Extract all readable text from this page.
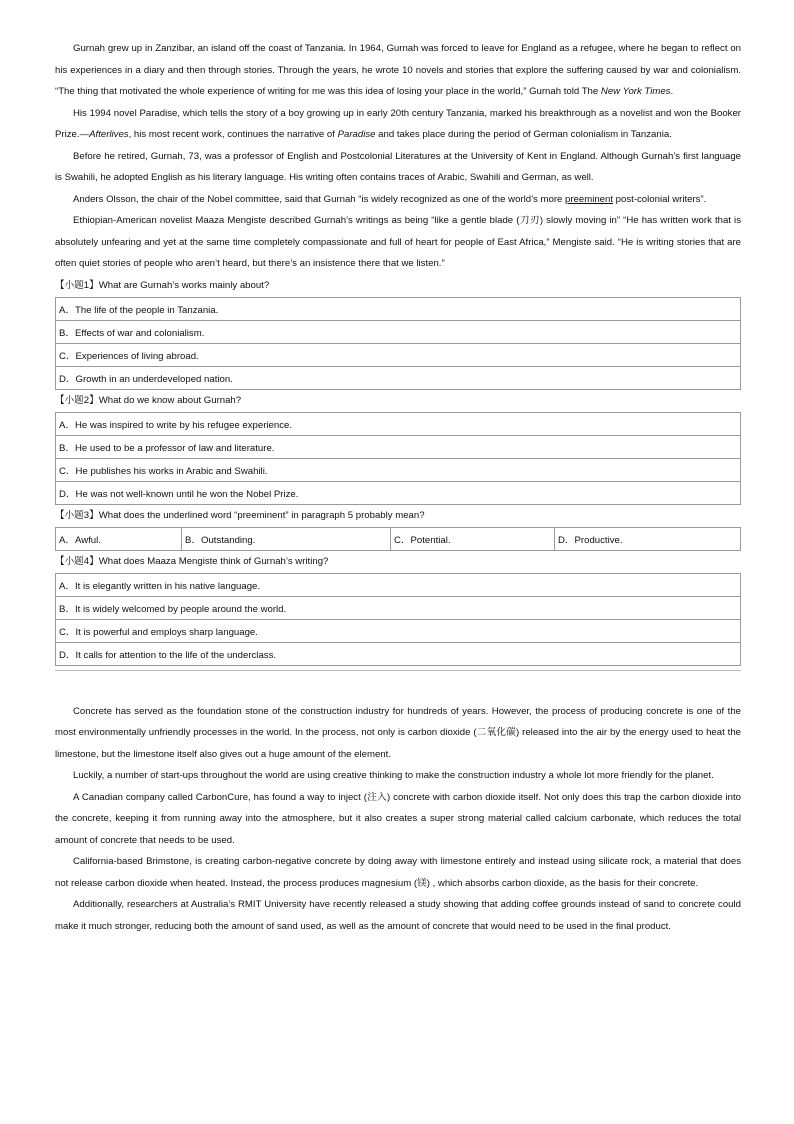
Gurnah grew up in Zanzibar, an island off the coast of Tanzania. In 1964, Gurnah was forced to leave for England as a refugee, where he began to reflect on his experiences in a diary and then through stories. Through the years, he wrote 10 novels and stories that explore the suffering caused by war and colonialism. “The thing that motivated the whole experience of writing for me was this idea of losing your place in the world,” Gurnah told The New York Times.

His 1994 novel Paradise, which tells the story of a boy growing up in early 20th century Tanzania, marked his breakthrough as a novelist and won the Booker Prize.—Afterlives, his most recent work, continues the narrative of Paradise and takes place during the period of German colonialism in Tanzania.

Before he retired, Gurnah, 73, was a professor of English and Postcolonial Literatures at the University of Kent in England. Although Gurnah’s first language is Swahili, he adopted English as his literary language. His writing often contains traces of Arabic, Swahili and German, as well.

Anders Olsson, the chair of the Nobel committee, said that Gurnah “is widely recognized as one of the world’s more preeminent post-colonial writers”.

Ethiopian-American novelist Maaza Mengiste described Gurnah’s writings as being “like a gentle blade (刀刃) slowly moving in” “He has written work that is absolutely unfearing and yet at the same time completely compassionate and full of heart for people of East Africa,” Mengiste said. “He is writing stories that are often quiet stories of people who aren’t heard, but there’s an insistence there that we listen.”

【小题1】What are Gurnah’s works mainly about?
A．The life of the people in Tanzania.
B．Effects of war and colonialism.
C．Experiences of living abroad.
D．Growth in an underdeveloped nation.
【小题2】What do we know about Gurnah?
A．He was inspired to write by his refugee experience.
B．He used to be a professor of law and literature.
C．He publishes his works in Arabic and Swahili.
D．He was not well-known until he won the Nobel Prize.
【小题3】What does the underlined word “preeminent” in paragraph 5 probably mean?
A．Awful.	B．Outstanding.	C．Potential.	D．Productive.
【小题4】What does Maaza Mengiste think of Gurnah’s writing?
A．It is elegantly written in his native language.
B．It is widely welcomed by people around the world.
C．It is powerful and employs sharp language.
D．It calls for attention to the life of the underclass.

Concrete has served as the foundation stone of the construction industry for hundreds of years. However, the process of producing concrete is one of the most environmentally unfriendly processes in the world. In the process, not only is carbon dioxide (二氧化碳) released into the air by the energy used to heat the limestone, but the limestone itself also gives out a huge amount of the element.

Luckily, a number of start-ups throughout the world are using creative thinking to make the construction industry a whole lot more friendly for the planet.

A Canadian company called CarbonCure, has found a way to inject (注入) concrete with carbon dioxide itself. Not only does this trap the carbon dioxide into the concrete, keeping it from running away into the atmosphere, but it also creates a super strong material called calcium carbonate, which reduces the total amount of concrete that needs to be used.

California-based Brimstone, is creating carbon-negative concrete by doing away with limestone entirely and instead using silicate rock, a material that does not release carbon dioxide when heated. Instead, the process produces magnesium (镁) , which absorbs carbon dioxide, as the basis for their concrete.

Additionally, researchers at Australia’s RMIT University have recently released a study showing that adding coffee grounds instead of sand to concrete could make it much stronger, reducing both the amount of sand used, as well as the amount of concrete that would need to be used in the final product.
